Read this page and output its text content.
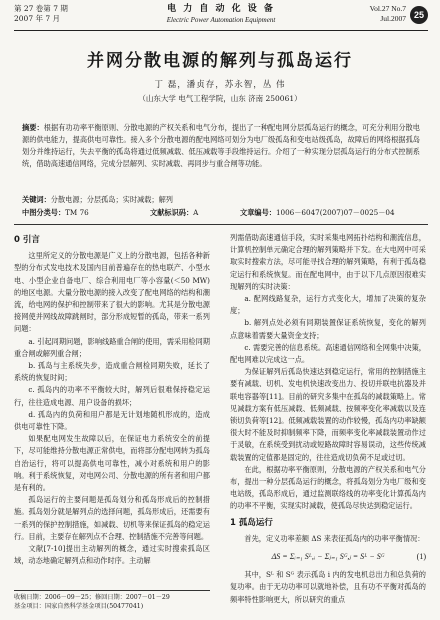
第 27 卷第 7 期
2007 年 7 月
电 力 自 动 化 设 备
Electric Power Automation Equipment
Vol.27 No.7
Jul.2007 25
并网分散电源的解列与孤岛运行
丁 磊，潘贞存，苏永智，丛 伟
（山东大学 电气工程学院，山东 济南 250061）
摘要：根据有功功率平衡原则、分散电源的产权关系和电气分布，提出了一种配电网分层孤岛运行的概念，可充分利用分散电源的供电能力，提高供电可靠性。接入多个分散电源的配电网络可划分为电厂级孤岛和变电站级孤岛，故障后的网络根据孤岛划分并维持运行，失去平衡的孤岛将通过低频减载、低压减载等手段维持运行。介绍了一种实现分层孤岛运行的分布式控制系统，借助高速通信网络，完成分层解列、实时减载、再同步与重合闸等功能。
关键词：分散电源；分层孤岛；实时减载；解列
中图分类号：TM 76	文献标识码：A	文章编号：1006－6047(2007)07－0025－04
0 引言

这里所定义的分散电源是广义上的分散电源，包括各种新型的分布式发电技术及国内目前普遍存在的热电联产、小型水电、小型企业自备电厂、综合利用电厂等小容量(＜50 MW)的地区电源。大量分散电源的接入改变了配电网络的结构和潮流，给电网的保护和控制带来了很大的影响。尤其是分散电源接网使并网线故障跳闸时，部分形成短暂的孤岛，带来一系列问题：

a. 引起同期问题，影响线路重合闸的使用，需采用检同期重合闸或解列重合闸；

b. 孤岛与主系统失步，造成重合闸检同期失败，延长了系统的恢复时间；

c. 孤岛内的功率不平衡较大时，解列后很难保持稳定运行，往往造成电源、用户设备的损坏；

d. 孤岛内的负荷和用户都是无计划地随机形成的，造成供电可靠性下降。

如果配电网发生故障以后，在保证电力系统安全的前提下，尽可能维持分散电源正常供电，而将部分配电网转为孤岛自治运行，将可以提高供电可靠性，减小对系统和用户的影响。利于系统恢复，对电网公司、分散电源的所有者和用户都是有利的。

孤岛运行的主要问题是孤岛划分和孤岛形成后的控制措施。孤岛划分就是解列点的选择问题，孤岛形成后，还需要有一系列的保护控制措施，如减载、切机等来保证孤岛的稳定运行。目前，主要存在解列点不合理、控制措施不完善等问题。

文献[7-10]提出主动解列的概念，通过实时搜索孤岛区域，动态地确定解列点和动作时序。主动解

列需借助高速通信手段，实时采集电网拓扑结构和潮流信息，计算机控制单元确定合理的解列策略并下发。在大电网中可采取实时搜索方法，尽可能寻找合理的解列策略，有利于孤岛稳定运行和系统恢复。而在配电网中，由于以下几点原因很难实现解列的实时决策：

a. 配网线路复杂，运行方式变化大，增加了决策的复杂度；

b. 解列点处必须有同期装置保证系统恢复，变化的解列点意味着需要大量资金支持；

c. 需要完善的信息系统。高速通信网络和全网集中决策，配电网难以完成这一点。

为保证解列后孤岛快速达到稳定运行，常用的控制措施主要有减载、切机、发电机快速改变出力、投切并联电抗器及并联电容器等[11]。目前的研究多集中在孤岛的减载策略上。常见减载方案有低压减载、低频减载、按频率变化率减载以及连锁切负荷等[12]。低频减载装置的动作较慢，孤岛内功率缺额很大时不能及时抑制频率下降，而频率变化率减载装置动作过于灵敏，在系统受到扰动或短路故障时容易误动，这些传统减载装置的定值都是固定的，往往造成切负荷不足或过切。

在此，根据功率平衡原则，分散电源的产权关系和电气分布，提出一种分层孤岛运行的概念，将孤岛划分为电厂级和变电站级，孤岛形成后，通过监测联络线的功率变化计算孤岛内的功率不平衡，实现实时减载，使孤岛尽快达到稳定运行。

1 孤岛运行

首先，定义功率差额 ΔS 来表征孤岛内的功率平衡情况：

ΔS = Σᵢ₌₁ Sᴸ,ᵢ − Σⱼ₌₁ Sᴳ,ⱼ = Sᴸ − Sᴳ	(1)

其中，Sᴸ 和 Sᴳ 表示孤岛 i 内的发电机总出力和总负荷的复功率。由于无功功率可以就地补偿，且有功不平衡对孤岛的频率特性影响更大，所以研究的重点

收稿日期：2006－09－25；修回日期：2007－01－29
基金项目：国家自然科学基金项目(50477041)
